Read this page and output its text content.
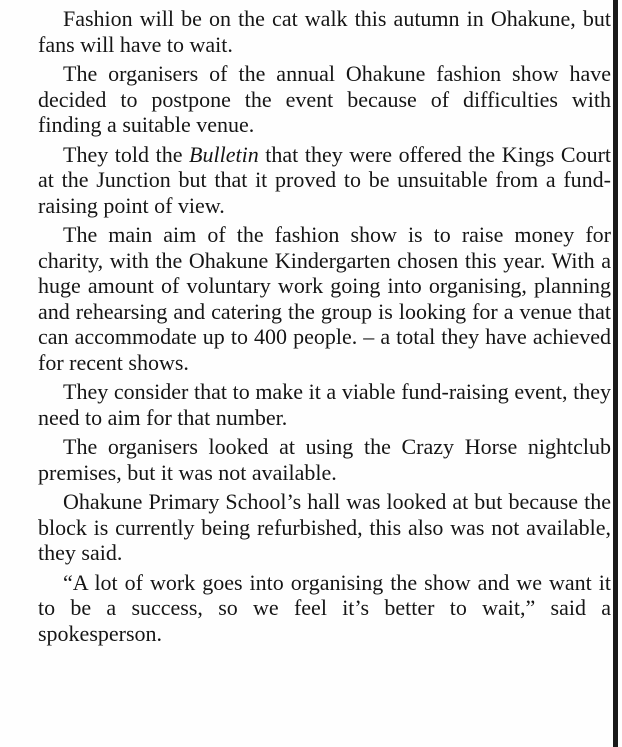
Fashion will be on the cat walk this autumn in Ohakune, but fans will have to wait.

The organisers of the annual Ohakune fashion show have decided to postpone the event because of difficulties with finding a suitable venue.

They told the Bulletin that they were offered the Kings Court at the Junction but that it proved to be unsuitable from a fund-raising point of view.

The main aim of the fashion show is to raise money for charity, with the Ohakune Kindergarten chosen this year. With a huge amount of voluntary work going into organising, planning and rehearsing and catering the group is looking for a venue that can accommodate up to 400 people. – a total they have achieved for recent shows.

They consider that to make it a viable fund-raising event, they need to aim for that number.

The organisers looked at using the Crazy Horse nightclub premises, but it was not available.

Ohakune Primary School’s hall was looked at but because the block is currently being refurbished, this also was not available, they said.

“A lot of work goes into organising the show and we want it to be a success, so we feel it’s better to wait,” said a spokesperson.
